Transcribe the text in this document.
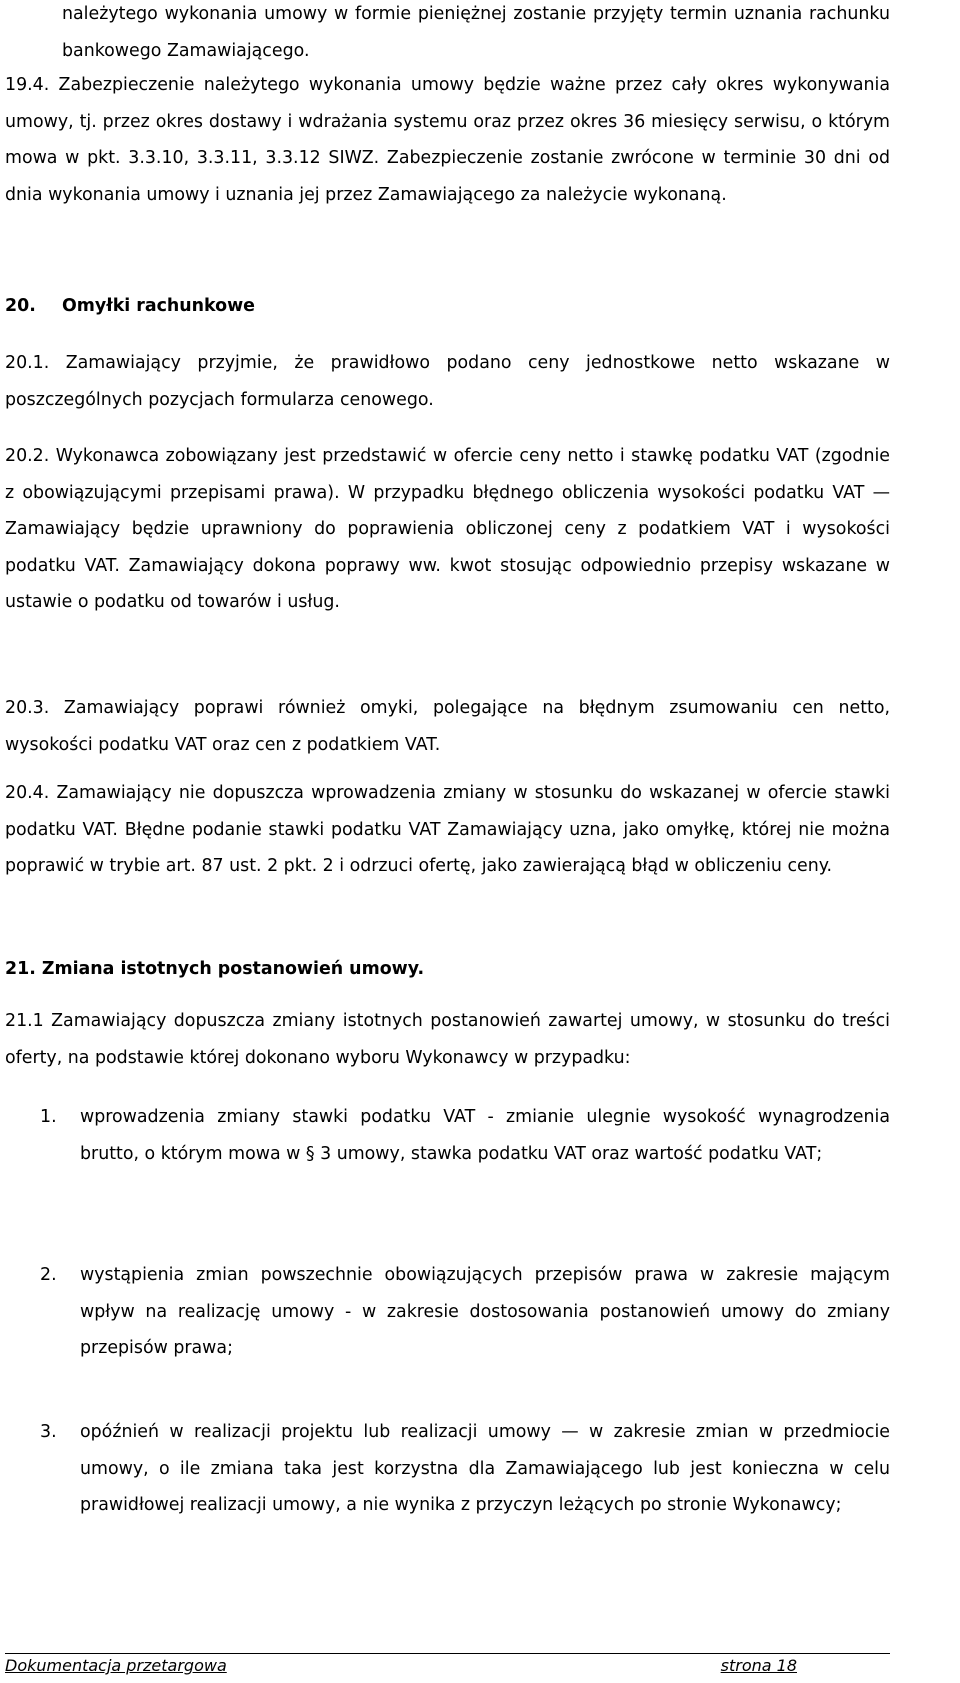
należytego wykonania umowy w formie pieniężnej zostanie przyjęty termin uznania rachunku bankowego Zamawiającego.

19.4. Zabezpieczenie należytego wykonania umowy będzie ważne przez cały okres wykonywania umowy, tj. przez okres dostawy i wdrażania systemu oraz przez okres 36 miesięcy serwisu, o którym mowa w pkt. 3.3.10, 3.3.11, 3.3.12 SIWZ. Zabezpieczenie zostanie zwrócone w terminie 30 dni od dnia wykonania umowy i uznania jej przez Zamawiającego za należycie wykonaną.

20. Omyłki rachunkowe

20.1. Zamawiający przyjmie, że prawidłowo podano ceny jednostkowe netto wskazane w poszczególnych pozycjach formularza cenowego.

20.2. Wykonawca zobowiązany jest przedstawić w ofercie ceny netto i stawkę podatku VAT (zgodnie z obowiązującymi przepisami prawa). W przypadku błędnego obliczenia wysokości podatku VAT — Zamawiający będzie uprawniony do poprawienia obliczonej ceny z podatkiem VAT i wysokości podatku VAT. Zamawiający dokona poprawy ww. kwot stosując odpowiednio przepisy wskazane w ustawie o podatku od towarów i usług.

20.3. Zamawiający poprawi również omyki, polegające na błędnym zsumowaniu cen netto, wysokości podatku VAT oraz cen z podatkiem VAT.

20.4. Zamawiający nie dopuszcza wprowadzenia zmiany w stosunku do wskazanej w ofercie stawki podatku VAT. Błędne podanie stawki podatku VAT Zamawiający uzna, jako omyłkę, której nie można poprawić w trybie art. 87 ust. 2 pkt. 2 i odrzuci ofertę, jako zawierającą błąd w obliczeniu ceny.

21. Zmiana istotnych postanowień umowy.

21.1 Zamawiający dopuszcza zmiany istotnych postanowień zawartej umowy, w stosunku do treści oferty, na podstawie której dokonano wyboru Wykonawcy w przypadku:

1.	wprowadzenia zmiany stawki podatku VAT - zmianie ulegnie wysokość wynagrodzenia brutto, o którym mowa w § 3 umowy, stawka podatku VAT oraz wartość podatku VAT;
2.	wystąpienia zmian powszechnie obowiązujących przepisów prawa w zakresie mającym wpływ na realizację umowy - w zakresie dostosowania postanowień umowy do zmiany przepisów prawa;
3.	opóźnień w realizacji projektu lub realizacji umowy — w zakresie zmian w przedmiocie umowy, o ile zmiana taka jest korzystna dla Zamawiającego lub jest konieczna w celu prawidłowej realizacji umowy, a nie wynika z przyczyn leżących po stronie Wykonawcy;
Dokumentacja przetargowa	strona 18
